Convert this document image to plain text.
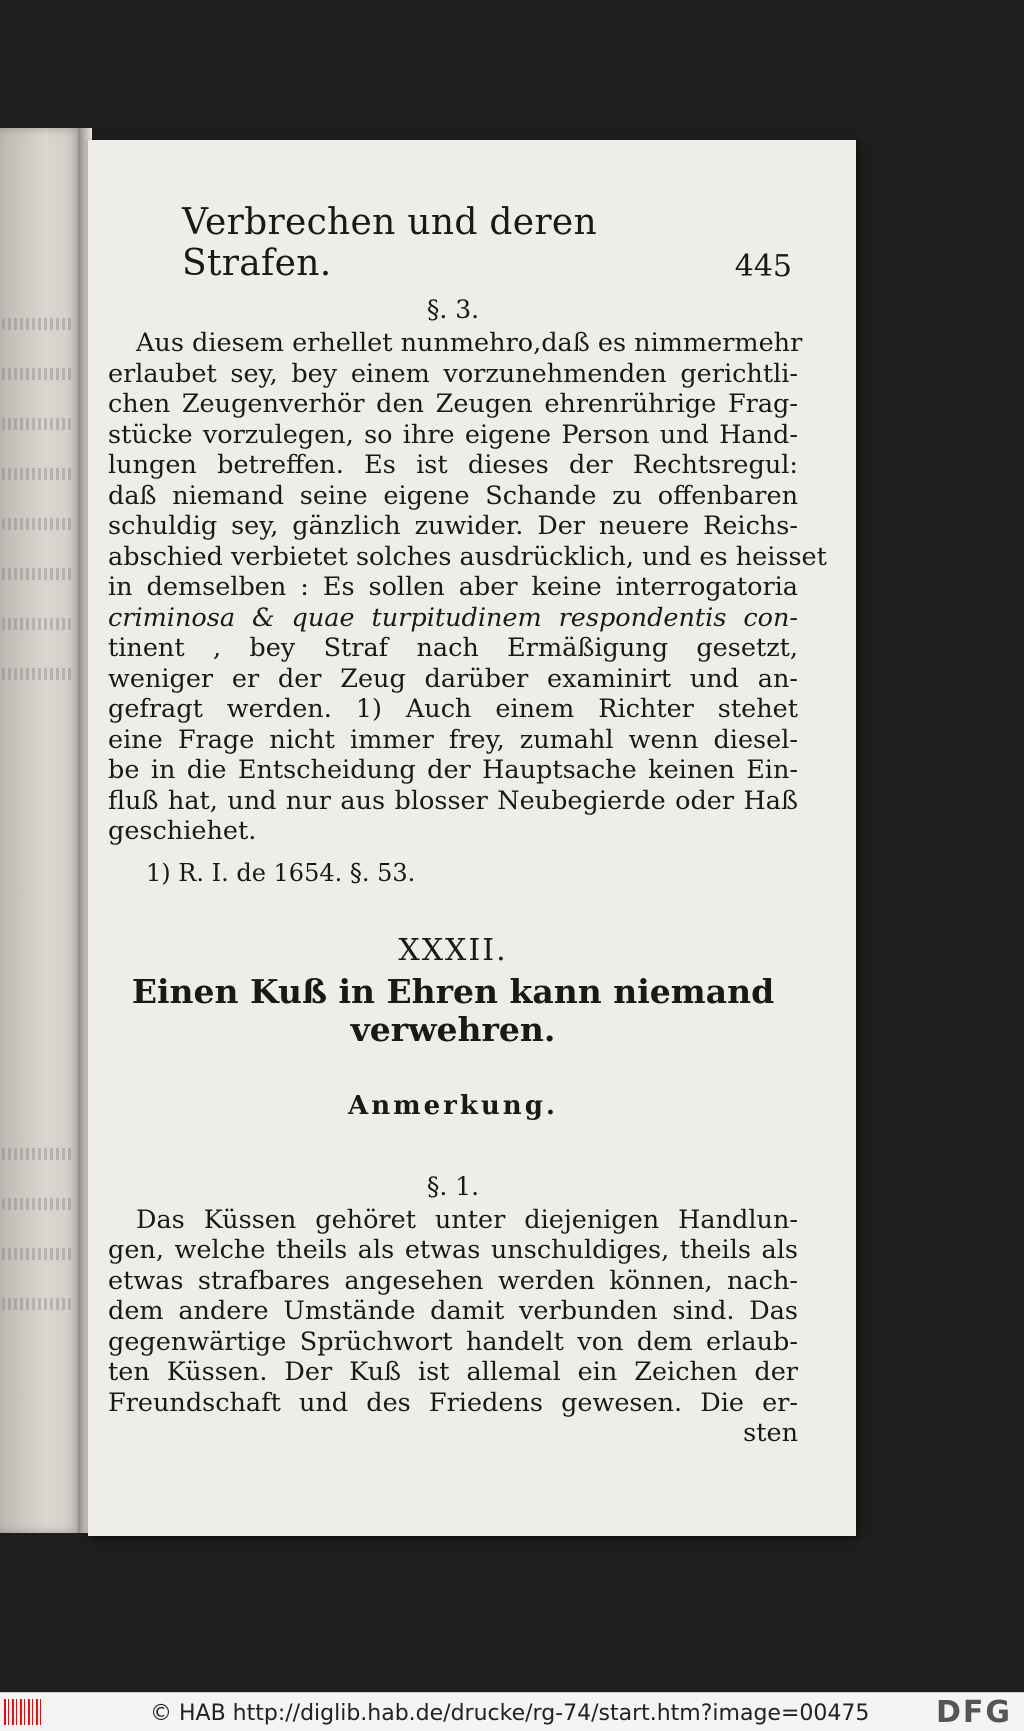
Verbrechen und deren Strafen.	445
§. 3.
Aus diesem erhellet nunmehro,daß es nimmermehr
erlaubet sey, bey einem vorzunehmenden gerichtli-
chen Zeugenverhör den Zeugen ehrenrührige Frag-
stücke vorzulegen, so ihre eigene Person und Hand-
lungen betreffen. Es ist dieses der Rechtsregul:
daß niemand seine eigene Schande zu offenbaren
schuldig sey, gänzlich zuwider. Der neuere Reichs-
abschied verbietet solches ausdrücklich, und es heisset
in demselben : Es sollen aber keine interrogatoria
criminosa & quae turpitudinem respondentis con-
tinent , bey Straf nach Ermäßigung gesetzt,
weniger er der Zeug darüber examinirt und an-
gefragt werden. 1) Auch einem Richter stehet
eine Frage nicht immer frey, zumahl wenn diesel-
be in die Entscheidung der Hauptsache keinen Ein-
fluß hat, und nur aus blosser Neubegierde oder Haß
geschiehet.
1) R. I. de 1654. §. 53.
XXXII.
Einen Kuß in Ehren kann niemand
verwehren.
Anmerkung.
§. 1.
Das Küssen gehöret unter diejenigen Handlun-
gen, welche theils als etwas unschuldiges, theils als
etwas strafbares angesehen werden können, nach-
dem andere Umstände damit verbunden sind. Das
gegenwärtige Sprüchwort handelt von dem erlaub-
ten Küssen. Der Kuß ist allemal ein Zeichen der
Freundschaft und des Friedens gewesen. Die er-
sten
© HAB http://diglib.hab.de/drucke/rg-74/start.htm?image=00475 DFG
